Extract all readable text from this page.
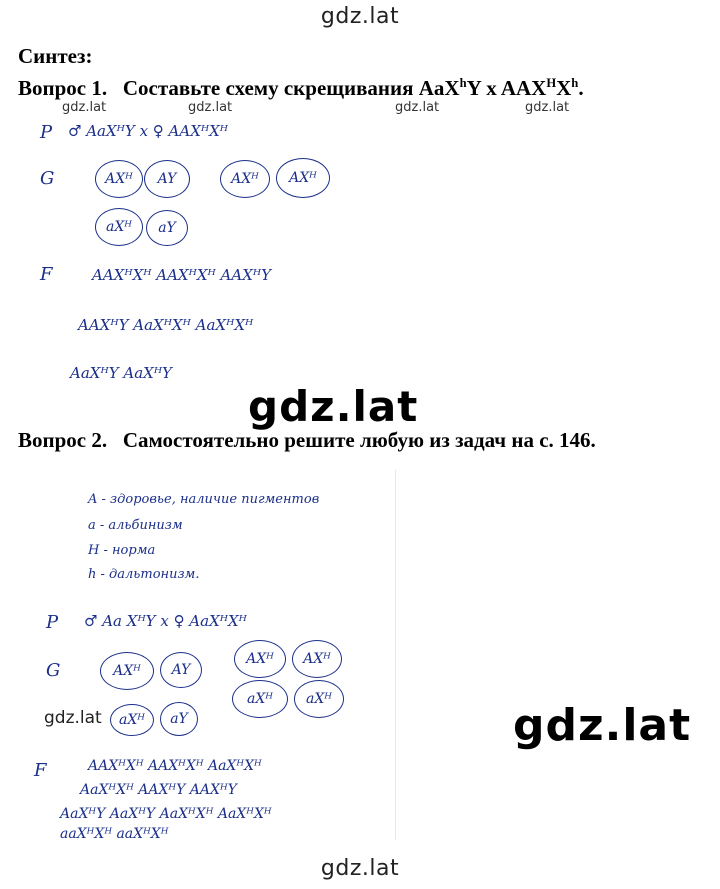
gdz.lat
gdz.lat	gdz.lat	gdz.lat	gdz.lat
gdz.lat
gdz.lat	gdz.lat
gdz.lat
Синтез:
Вопрос 1. Составьте схему скрещивания AaX$^h$Y x $AAX^HX^h$.
P ♂ AaXᴴY x ♀ AAXᴴXᴴ
G	AXᴴ	AY	AXᴴ	AXᴴ
aXᴴ	aY
F	AAXᴴXᴴ AAXᴴXᴴ AAXᴴY
AAXᴴY AaXᴴXᴴ AaXᴴXᴴ
AaXᴴY AaXᴴY
Вопрос 2. Самостоятельно решите любую из задач на с. 146.
A - здоровье, наличие пигментов
a - альбинизм
H - норма
h - дальтонизм.
P ♂ Aa XᴴY x ♀ AaXᴴXᴴ
G	AXᴴ	AY
AXᴴ	AXᴴ
aXᴴ	aXᴴ
aXᴴ	aY
F	AAXᴴXᴴ AAXᴴXᴴ AaXᴴXᴴ
AaXᴴXᴴ AAXᴴY AAXᴴY
AaXᴴY AaXᴴY AaXᴴXᴴ AaXᴴXᴴ
aaXᴴXᴴ aaXᴴXᴴ
